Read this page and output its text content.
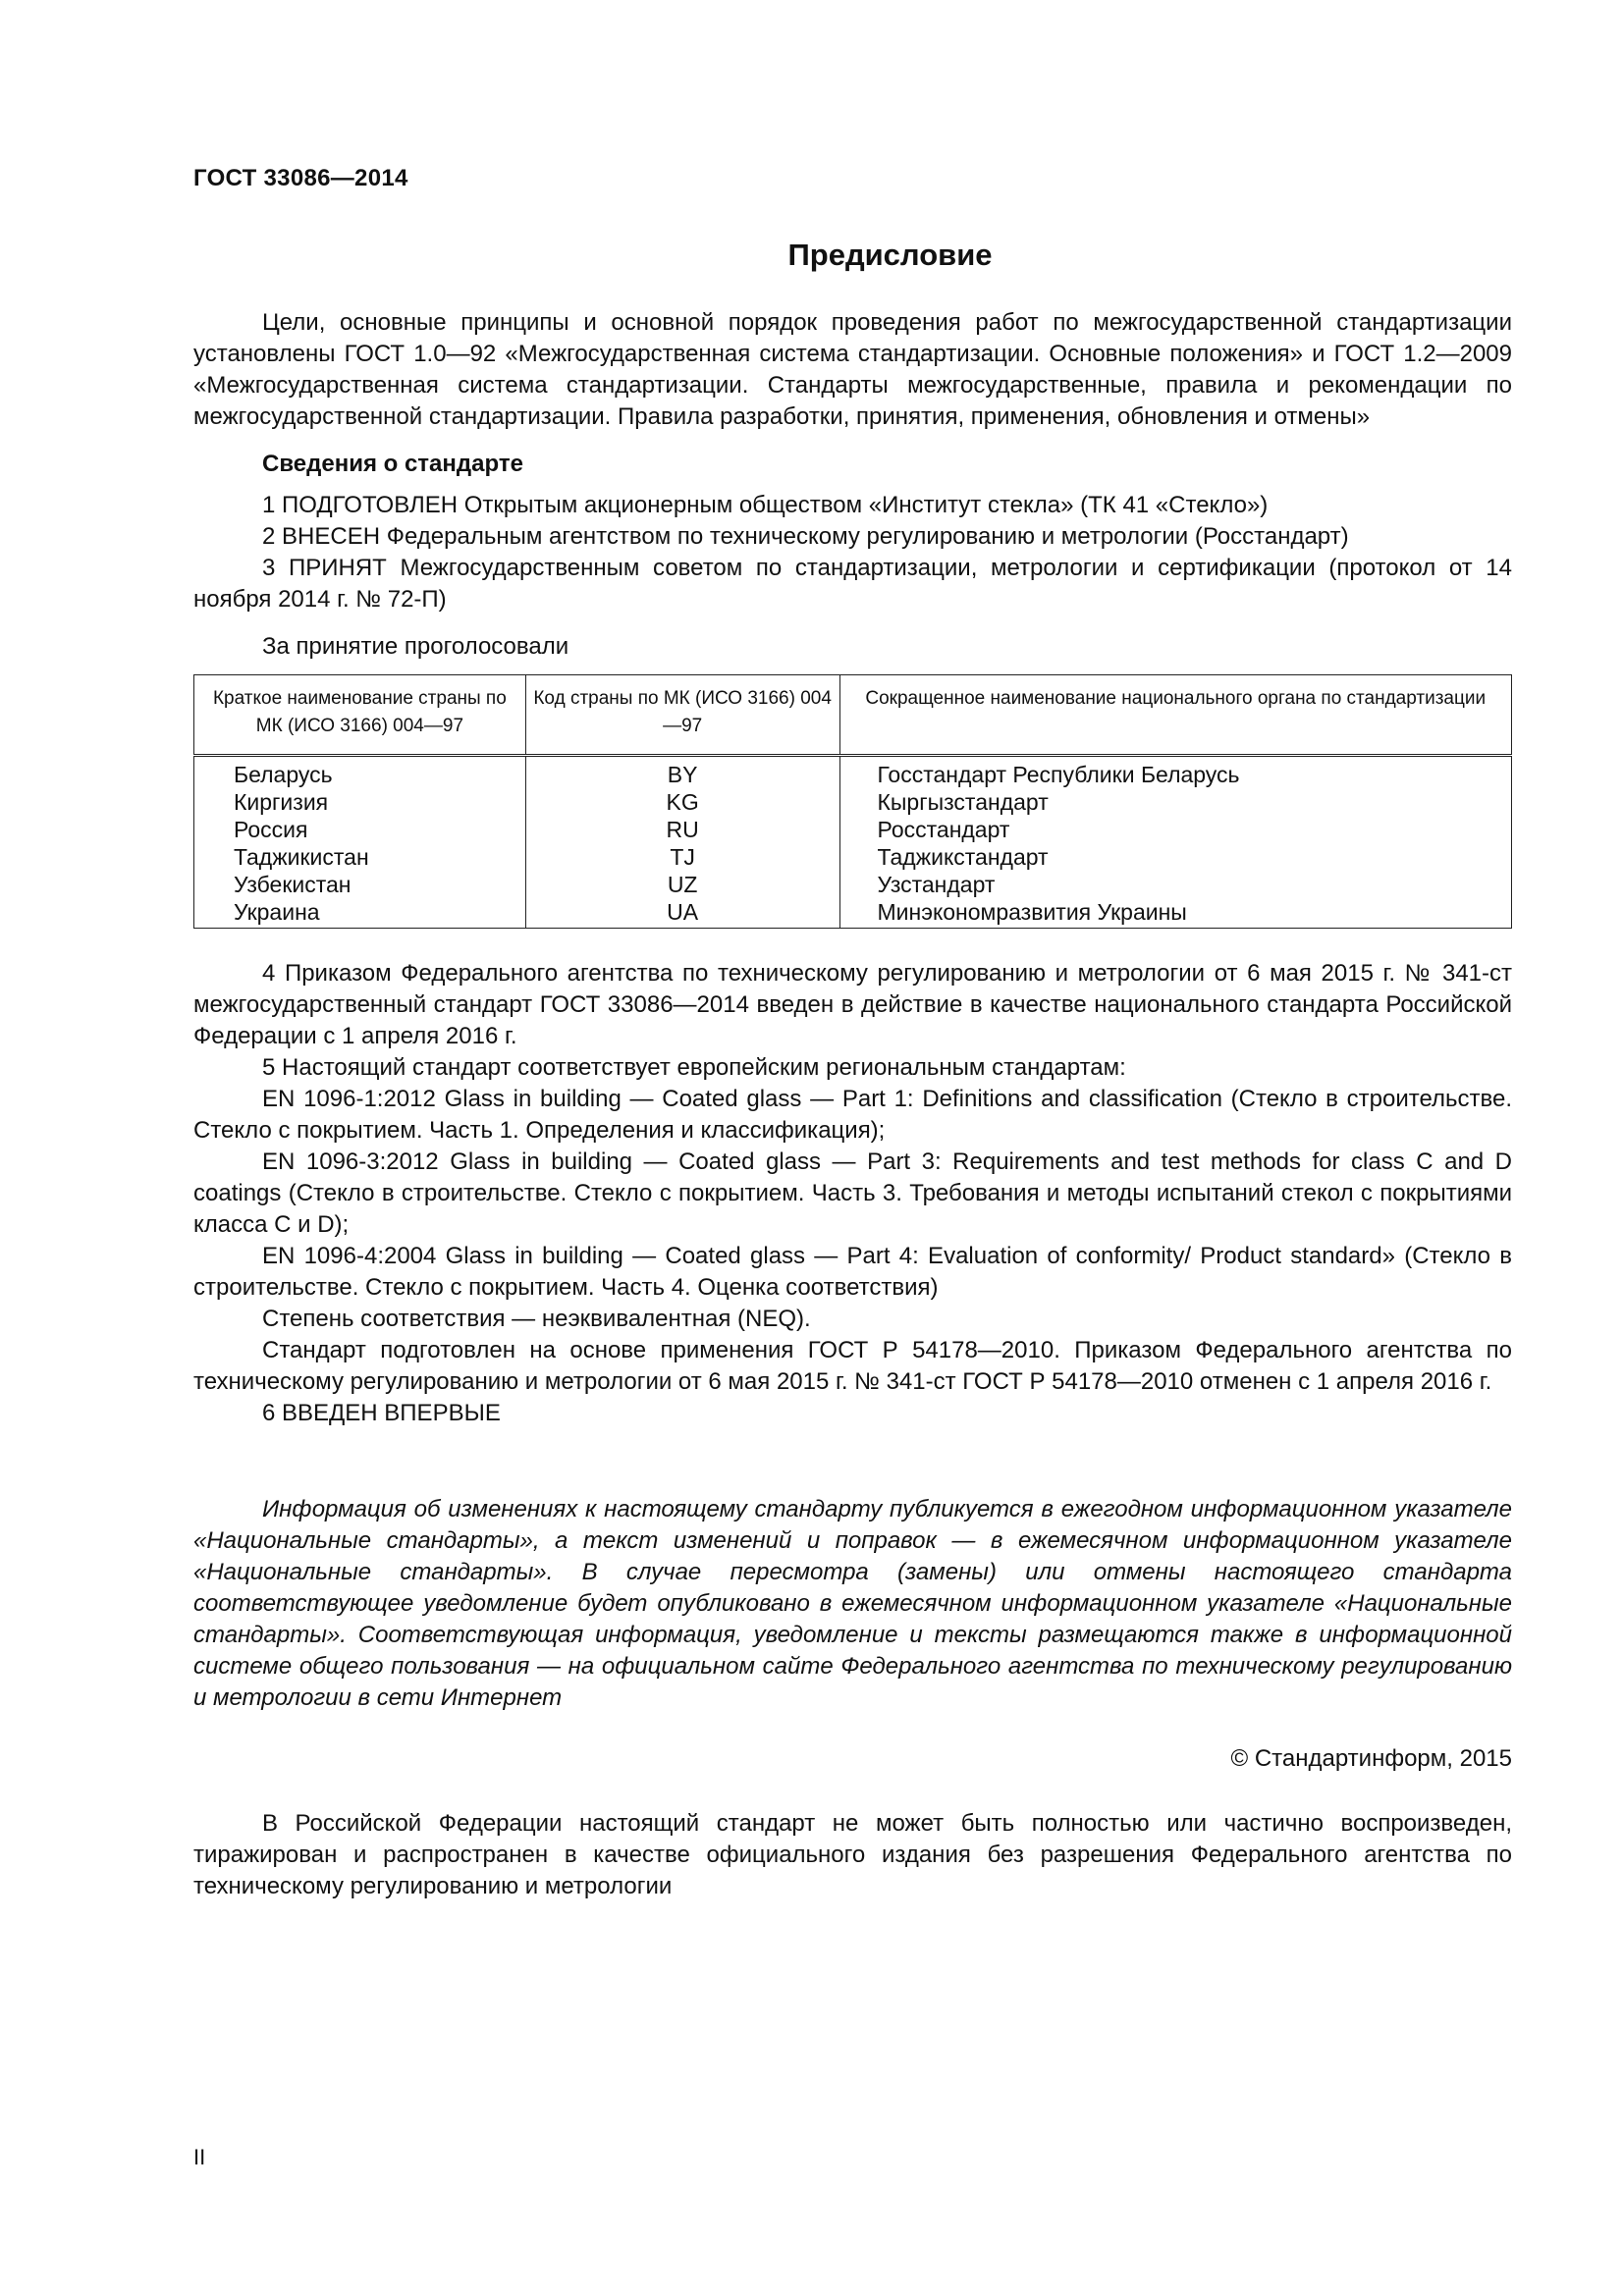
ГОСТ 33086—2014
Предисловие

Цели, основные принципы и основной порядок проведения работ по межгосударственной стандартизации установлены ГОСТ 1.0—92 «Межгосударственная система стандартизации. Основные положения» и ГОСТ 1.2—2009 «Межгосударственная система стандартизации. Стандарты межгосударственные, правила и рекомендации по межгосударственной стандартизации. Правила разработки, принятия, применения, обновления и отмены»

Сведения о стандарте

1 ПОДГОТОВЛЕН Открытым акционерным обществом «Институт стекла» (ТК 41 «Стекло»)

2 ВНЕСЕН Федеральным агентством по техническому регулированию и метрологии (Росстандарт)

3 ПРИНЯТ Межгосударственным советом по стандартизации, метрологии и сертификации (протокол от 14 ноября 2014 г. № 72-П)

За принятие проголосовали

Краткое наименование страны по МК (ИСО 3166) 004—97	Код страны по МК (ИСО 3166) 004—97	Сокращенное наименование национального органа по стандартизации
Беларусь	BY	Госстандарт Республики Беларусь
Киргизия	KG	Кыргызстандарт
Россия	RU	Росстандарт
Таджикистан	TJ	Таджикстандарт
Узбекистан	UZ	Узстандарт
Украина	UA	Минэкономразвития Украины

4 Приказом Федерального агентства по техническому регулированию и метрологии от 6 мая 2015 г. № 341-ст межгосударственный стандарт ГОСТ 33086—2014 введен в действие в качестве национального стандарта Российской Федерации с 1 апреля 2016 г.

5 Настоящий стандарт соответствует европейским региональным стандартам:

EN 1096-1:2012 Glass in building — Coated glass — Part 1: Definitions and classification (Стекло в строительстве. Стекло с покрытием. Часть 1. Определения и классификация);

EN 1096-3:2012 Glass in building — Coated glass — Part 3: Requirements and test methods for class C and D coatings (Стекло в строительстве. Стекло с покрытием. Часть 3. Требования и методы испытаний стекол с покрытиями класса С и D);

EN 1096-4:2004 Glass in building — Coated glass — Part 4: Evaluation of conformity/ Product standard» (Стекло в строительстве. Стекло с покрытием. Часть 4. Оценка соответствия)

Степень соответствия — неэквивалентная (NEQ).

Стандарт подготовлен на основе применения ГОСТ Р 54178—2010. Приказом Федерального агентства по техническому регулированию и метрологии от 6 мая 2015 г. № 341-ст ГОСТ Р 54178—2010 отменен с 1 апреля 2016 г.

6 ВВЕДЕН ВПЕРВЫЕ

Информация об изменениях к настоящему стандарту публикуется в ежегодном информационном указателе «Национальные стандарты», а текст изменений и поправок — в ежемесячном информационном указателе «Национальные стандарты». В случае пересмотра (замены) или отмены настоящего стандарта соответствующее уведомление будет опубликовано в ежемесячном информационном указателе «Национальные стандарты». Соответствующая информация, уведомление и тексты размещаются также в информационной системе общего пользования — на официальном сайте Федерального агентства по техническому регулированию и метрологии в сети Интернет

© Стандартинформ, 2015

В Российской Федерации настоящий стандарт не может быть полностью или частично воспроизведен, тиражирован и распространен в качестве официального издания без разрешения Федерального агентства по техническому регулированию и метрологии

II
